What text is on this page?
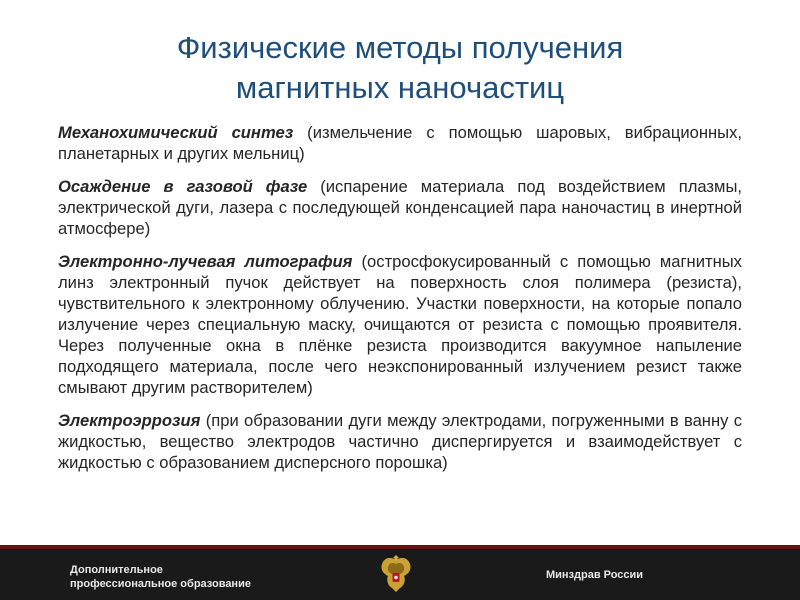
Физические методы получения
магнитных наночастиц

Механохимический синтез (измельчение с помощью шаровых, вибрационных, планетарных и других мельниц)

Осаждение в газовой фазе (испарение материала под воздействием плазмы, электрической дуги, лазера с последующей конденсацией пара наночастиц в инертной атмосфере)

Электронно-лучевая литография (остросфокусированный с помощью магнитных линз электронный пучок действует на поверхность слоя полимера (резиста), чувствительного к электронному облучению. Участки поверхности, на которые попало излучение через специальную маску, очищаются от резиста с помощью проявителя. Через полученные окна в плёнке резиста производится вакуумное напыление подходящего материала, после чего неэкспонированный излучением резист также смывают другим растворителем)

Электроэррозия (при образовании дуги между электродами, погруженными в ванну с жидкостью, вещество электродов частично диспергируется и взаимодействует с жидкостью с образованием дисперсного порошка)

Дополнительное
профессиональное образование
Минздрав России
